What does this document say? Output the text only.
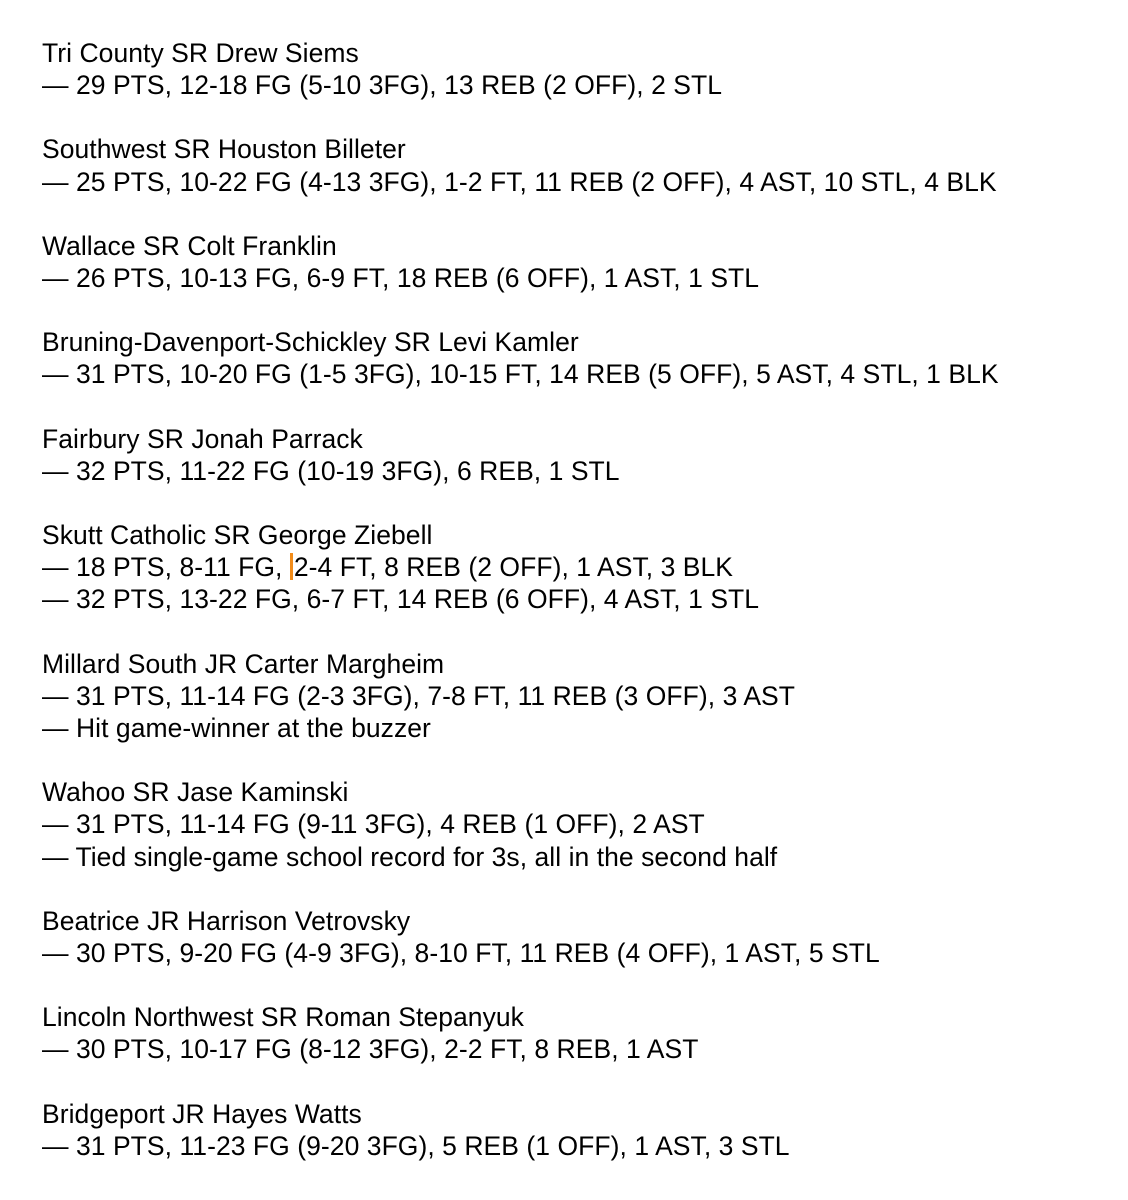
Tri County SR Drew Siems
— 29 PTS, 12-18 FG (5-10 3FG), 13 REB (2 OFF), 2 STL
Southwest SR Houston Billeter
— 25 PTS, 10-22 FG (4-13 3FG), 1-2 FT, 11 REB (2 OFF), 4 AST, 10 STL, 4 BLK
Wallace SR Colt Franklin
— 26 PTS, 10-13 FG, 6-9 FT, 18 REB (6 OFF), 1 AST, 1 STL
Bruning-Davenport-Schickley SR Levi Kamler
— 31 PTS, 10-20 FG (1-5 3FG), 10-15 FT, 14 REB (5 OFF), 5 AST, 4 STL, 1 BLK
Fairbury SR Jonah Parrack
— 32 PTS, 11-22 FG (10-19 3FG), 6 REB, 1 STL
Skutt Catholic SR George Ziebell
— 18 PTS, 8-11 FG, 2-4 FT, 8 REB (2 OFF), 1 AST, 3 BLK
— 32 PTS, 13-22 FG, 6-7 FT, 14 REB (6 OFF), 4 AST, 1 STL
Millard South JR Carter Margheim
— 31 PTS, 11-14 FG (2-3 3FG), 7-8 FT, 11 REB (3 OFF), 3 AST
— Hit game-winner at the buzzer
Wahoo SR Jase Kaminski
— 31 PTS, 11-14 FG (9-11 3FG), 4 REB (1 OFF), 2 AST
— Tied single-game school record for 3s, all in the second half
Beatrice JR Harrison Vetrovsky
— 30 PTS, 9-20 FG (4-9 3FG), 8-10 FT, 11 REB (4 OFF), 1 AST, 5 STL
Lincoln Northwest SR Roman Stepanyuk
— 30 PTS, 10-17 FG (8-12 3FG), 2-2 FT, 8 REB, 1 AST
Bridgeport JR Hayes Watts
— 31 PTS, 11-23 FG (9-20 3FG), 5 REB (1 OFF), 1 AST, 3 STL
